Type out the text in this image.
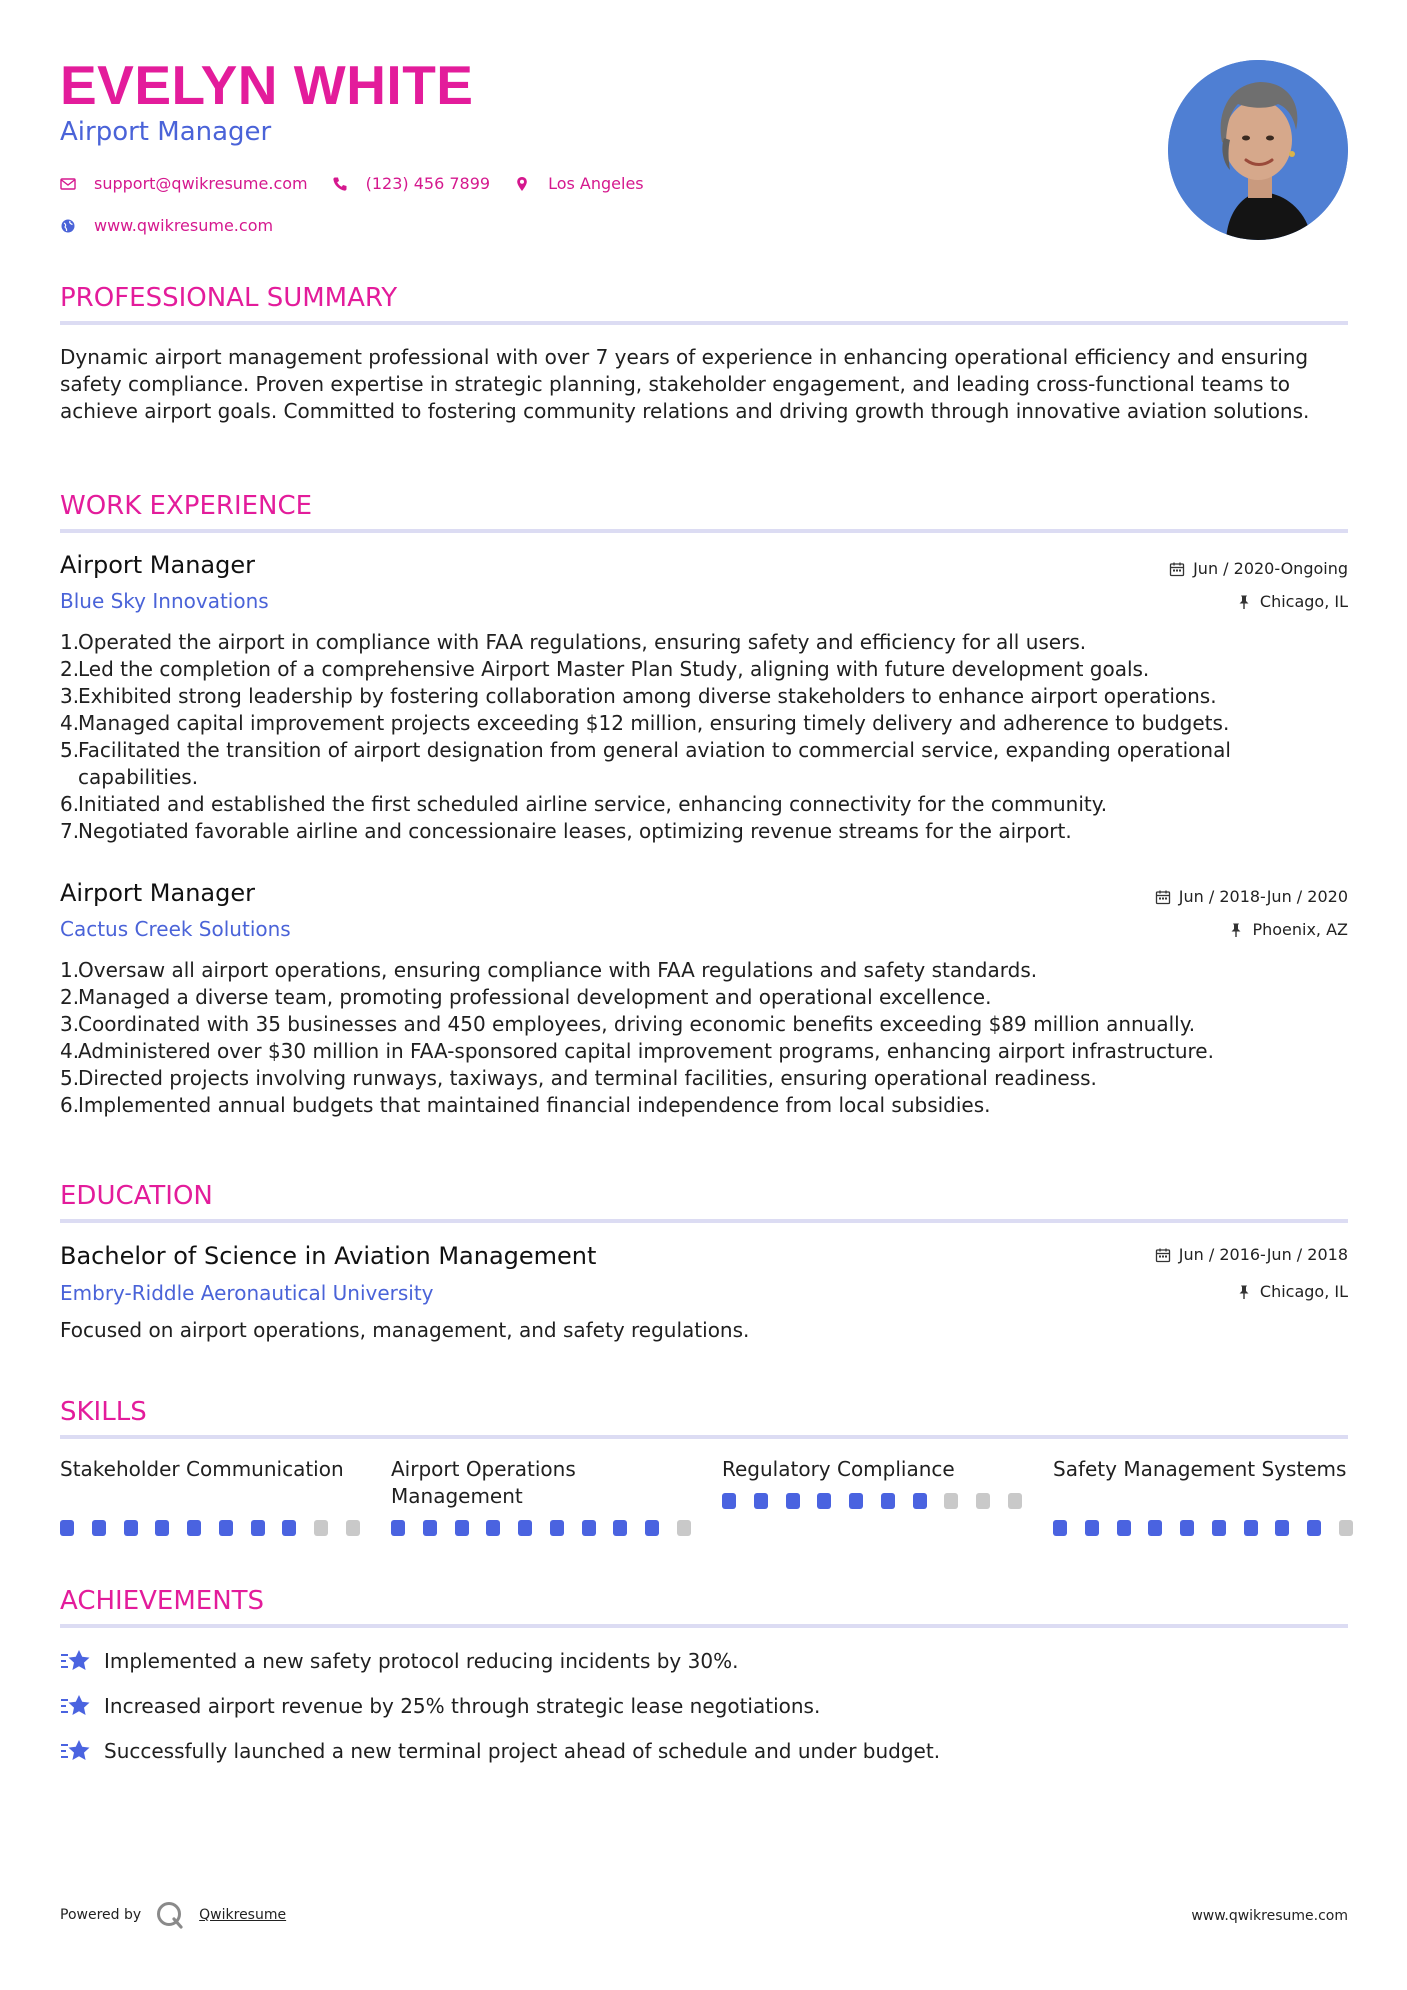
EVELYN WHITE
Airport Manager
support@qwikresume.com	(123) 456 7899	Los Angeles
www.qwikresume.com
PROFESSIONAL SUMMARY

Dynamic airport management professional with over 7 years of experience in enhancing operational efficiency and ensuring safety compliance. Proven expertise in strategic planning, stakeholder engagement, and leading cross-functional teams to achieve airport goals. Committed to fostering community relations and driving growth through innovative aviation solutions.

WORK EXPERIENCE
Airport Manager
Blue Sky Innovations
Jun / 2020-Ongoing
Chicago, IL
1.
Operated the airport in compliance with FAA regulations, ensuring safety and efficiency for all users.
2.
Led the completion of a comprehensive Airport Master Plan Study, aligning with future development goals.
3.
Exhibited strong leadership by fostering collaboration among diverse stakeholders to enhance airport operations.
4.
Managed capital improvement projects exceeding $12 million, ensuring timely delivery and adherence to budgets.
5.
Facilitated the transition of airport designation from general aviation to commercial service, expanding operational capabilities.
6.
Initiated and established the first scheduled airline service, enhancing connectivity for the community.
7.
Negotiated favorable airline and concessionaire leases, optimizing revenue streams for the airport.
Airport Manager
Cactus Creek Solutions
Jun / 2018-Jun / 2020
Phoenix, AZ
1.
Oversaw all airport operations, ensuring compliance with FAA regulations and safety standards.
2.
Managed a diverse team, promoting professional development and operational excellence.
3.
Coordinated with 35 businesses and 450 employees, driving economic benefits exceeding $89 million annually.
4.
Administered over $30 million in FAA-sponsored capital improvement programs, enhancing airport infrastructure.
5.
Directed projects involving runways, taxiways, and terminal facilities, ensuring operational readiness.
6.
Implemented annual budgets that maintained financial independence from local subsidies.
EDUCATION
Bachelor of Science in Aviation Management
Embry-Riddle Aeronautical University
Jun / 2016-Jun / 2018
Chicago, IL

Focused on airport operations, management, and safety regulations.

SKILLS
Stakeholder Communication	Airport Operations Management
Regulatory Compliance	Safety Management Systems
ACHIEVEMENTS
Implemented a new safety protocol reducing incidents by 30%.
Increased airport revenue by 25% through strategic lease negotiations.
Successfully launched a new terminal project ahead of schedule and under budget.
Powered by	Qwikresume	www.qwikresume.com
